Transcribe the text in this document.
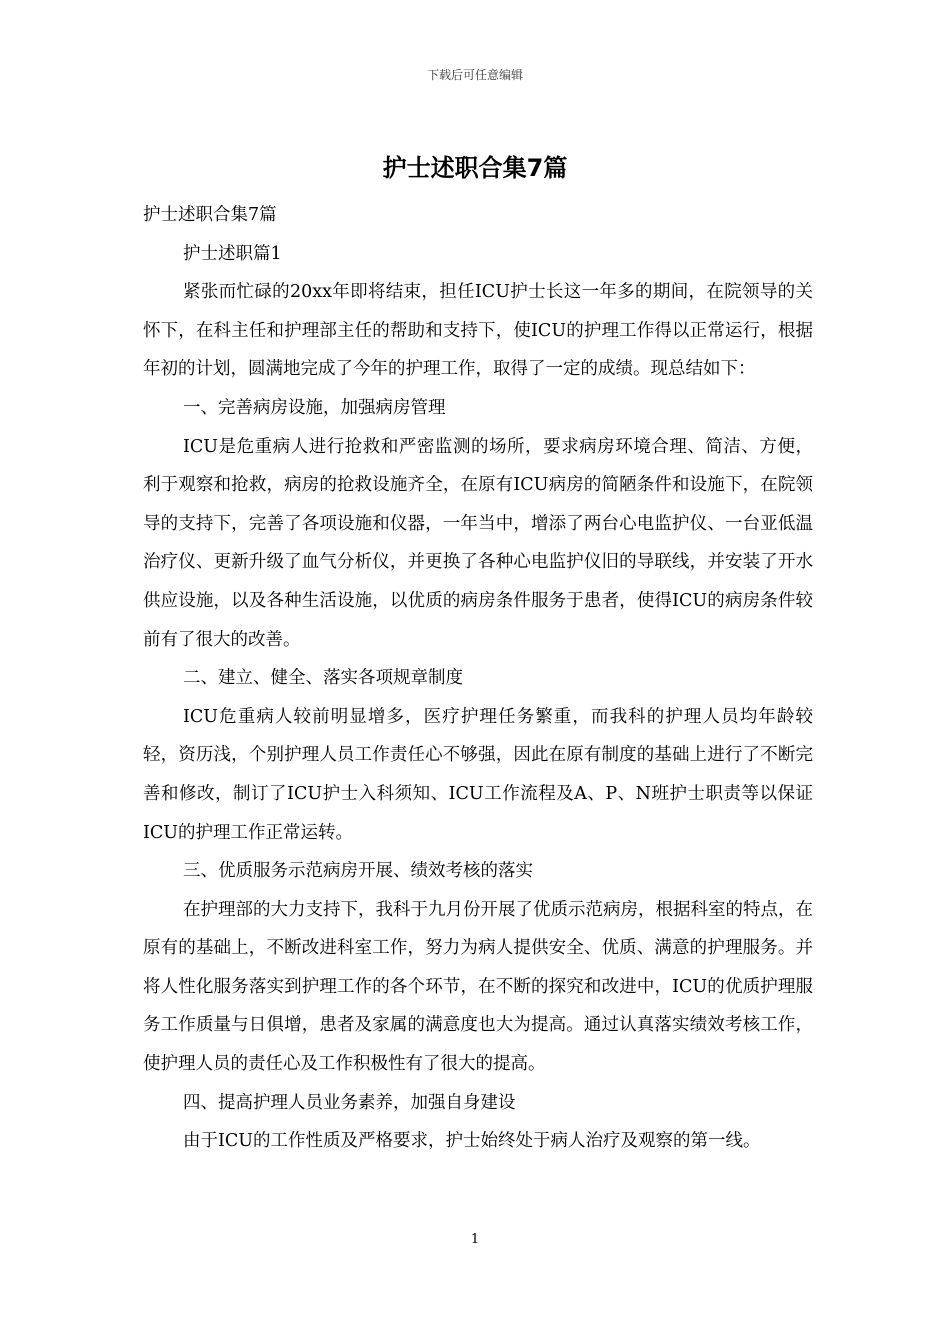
下载后可任意编辑
护士述职合集7篇

护士述职合集7篇

护士述职篇1

紧张而忙碌的20xx年即将结束，担任ICU护士长这一年多的期间，在院领导的关怀下，在科主任和护理部主任的帮助和支持下，使ICU的护理工作得以正常运行，根据年初的计划，圆满地完成了今年的护理工作，取得了一定的成绩。现总结如下：

一、完善病房设施，加强病房管理

ICU是危重病人进行抢救和严密监测的场所，要求病房环境合理、简洁、方便，利于观察和抢救，病房的抢救设施齐全，在原有ICU病房的简陋条件和设施下，在院领导的支持下，完善了各项设施和仪器，一年当中，增添了两台心电监护仪、一台亚低温治疗仪、更新升级了血气分析仪，并更换了各种心电监护仪旧的导联线，并安装了开水供应设施，以及各种生活设施，以优质的病房条件服务于患者，使得ICU的病房条件较前有了很大的改善。

二、建立、健全、落实各项规章制度

ICU危重病人较前明显增多，医疗护理任务繁重，而我科的护理人员均年龄较轻，资历浅，个别护理人员工作责任心不够强，因此在原有制度的基础上进行了不断完善和修改，制订了ICU护士入科须知、ICU工作流程及A、P、N班护士职责等以保证ICU的护理工作正常运转。

三、优质服务示范病房开展、绩效考核的落实

在护理部的大力支持下，我科于九月份开展了优质示范病房，根据科室的特点，在原有的基础上，不断改进科室工作，努力为病人提供安全、优质、满意的护理服务。并将人性化服务落实到护理工作的各个环节，在不断的探究和改进中，ICU的优质护理服务工作质量与日俱增，患者及家属的满意度也大为提高。通过认真落实绩效考核工作，使护理人员的责任心及工作积极性有了很大的提高。

四、提高护理人员业务素养，加强自身建设

由于ICU的工作性质及严格要求，护士始终处于病人治疗及观察的第一线。

1
